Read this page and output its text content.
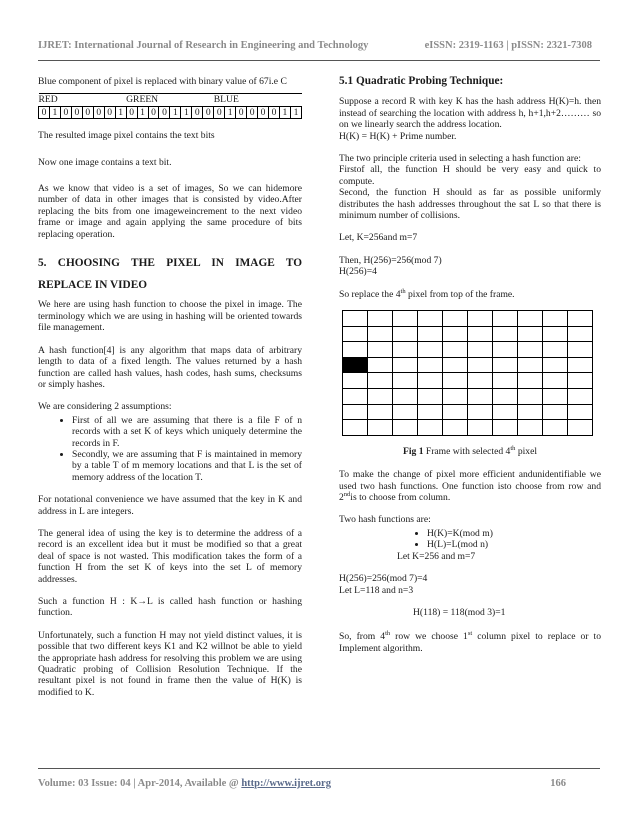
IJRET: International Journal of Research in Engineering and Technology	eISSN: 2319-1163 | pISSN: 2321-7308

Blue component of pixel is replaced with binary value of 67i.e C

RED								GREEN								BLUE							
0	1	0	0	0	0	0	1	0	1	0	0	1	1	0	0	0	1	0	0	0	0	1	1

The resulted image pixel contains the text bits

Now one image contains a text bit.

As we know that video is a set of images, So we can hidemore number of data in other images that is consisted by video.After replacing the bits from one imageweincrement to the next video frame or image and again applying the same procedure of bits replacing operation.

5. CHOOSING THE PIXEL IN IMAGE TO
REPLACE IN VIDEO

We here are using hash function to choose the pixel in image. The terminology which we are using in hashing will be oriented towards file management.

A hash function[4] is any algorithm that maps data of arbitrary length to data of a fixed length. The values returned by a hash function are called hash values, hash codes, hash sums, checksums or simply hashes.

We are considering 2 assumptions:

• First of all we are assuming that there is a file F of n records with a set K of keys which uniquely determine the records in F.
• Secondly, we are assuming that F is maintained in memory by a table T of m memory locations and that L is the set of memory address of the location T.

For notational convenience we have assumed that the key in K and address in L are integers.

The general idea of using the key is to determine the address of a record is an excellent idea but it must be modified so that a great deal of space is not wasted. This modification takes the form of a function H from the set K of keys into the set L of memory addresses.

Such a function H : K→L is called hash function or hashing function.

Unfortunately, such a function H may not yield distinct values, it is possible that two different keys K1 and K2 willnot be able to yield the appropriate hash address for resolving this problem we are using Quadratic probing of Collision Resolution Technique. If the resultant pixel is not found in frame then the value of H(K) is modified to K.

5.1 Quadratic Probing Technique:

Suppose a record R with key K has the hash address H(K)=h. then instead of searching the location with address h, h+1,h+2……… so on we linearly search the address location.
H(K) = H(K) + Prime number.

The two principle criteria used in selecting a hash function are:
Firstof all, the function H should be very easy and quick to compute.
Second, the function H should as far as possible uniformly distributes the hash addresses throughout the sat L so that there is minimum number of collisions.

Let, K=256and m=7

Then, H(256)=256(mod 7)
H(256)=4

So replace the 4th pixel from top of the frame.

Fig 1 Frame with selected 4th pixel

To make the change of pixel more efficient andunidentifiable we used two hash functions. One function isto choose from row and 2ndis to choose from column.

Two hash functions are:

• H(K)=K(mod m)
• H(L)=L(mod n)

Let K=256 and m=7

H(256)=256(mod 7)=4
Let L=118 and n=3

H(118) = 118(mod 3)=1

So, from 4th row we choose 1st column pixel to replace or to Implement algorithm.

Volume: 03 Issue: 04 | Apr-2014, Available @ http://www.ijret.org	166
